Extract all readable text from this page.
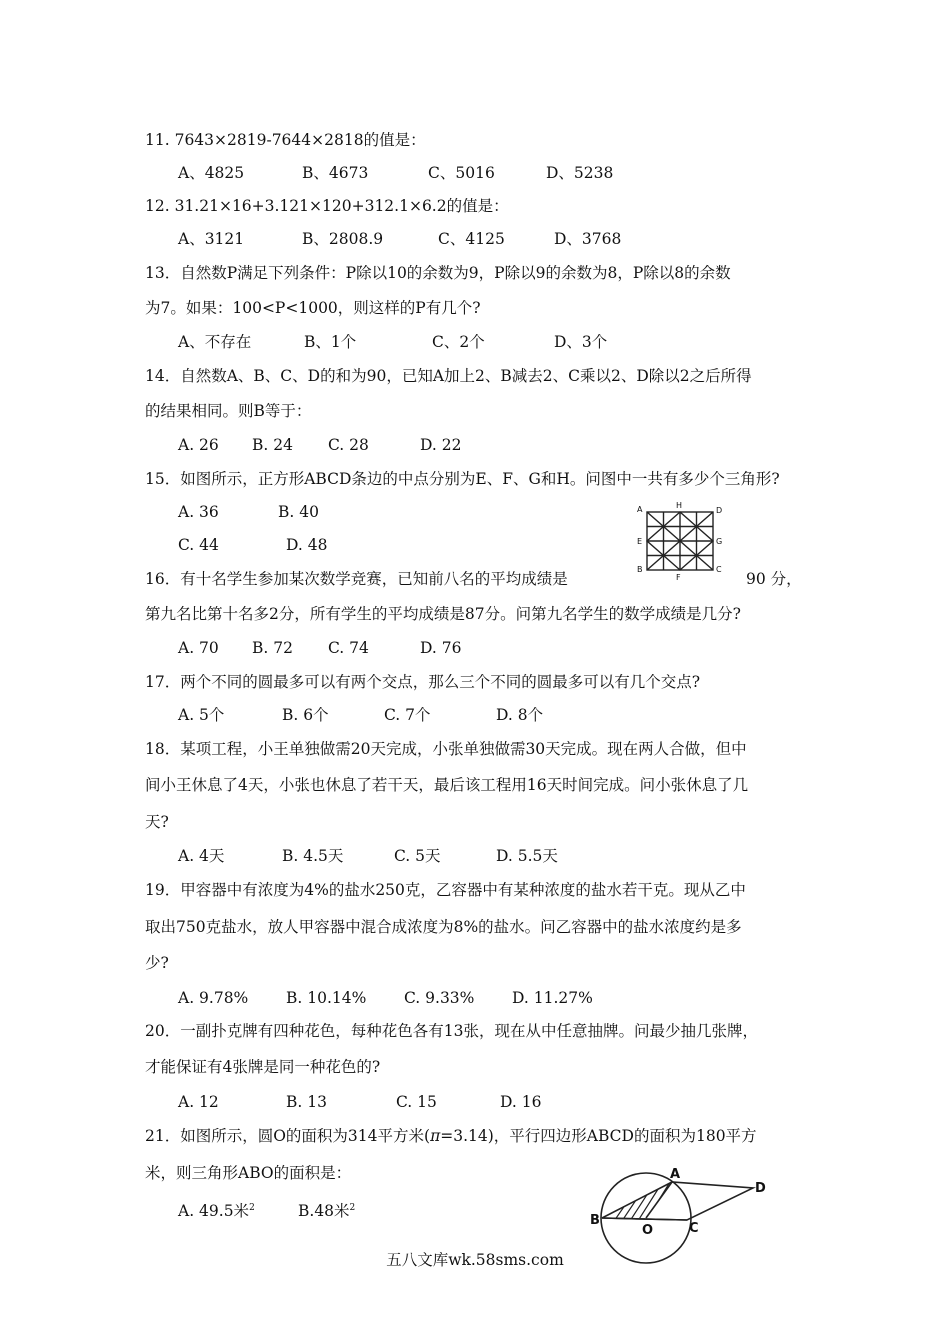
11. 7643×2819-7644×2818的值是：
A、4825	B、4673	C、5016	D、5238
12. 31.21×16+3.121×120+312.1×6.2的值是：
A、3121	B、2808.9	C、4125	D、3768
13．自然数P满足下列条件：P除以10的余数为9，P除以9的余数为8，P除以8的余数
为7。如果：100<P<1000，则这样的P有几个?
A、不存在	B、1个	C、2个	D、3个
14．自然数A、B、C、D的和为90，已知A加上2、B减去2、C乘以2、D除以2之后所得
的结果相同。则B等于：
A. 26 B. 24 C. 28	D. 22
15．如图所示，正方形ABCD条边的中点分别为E、F、G和H。问图中一共有多少个三角形?
A. 36	B. 40
C. 44	D. 48
A	H
D
E	G
B
F
C
16．有十名学生参加某次数学竞赛，已知前八名的平均成绩是	90 分，
第九名比第十名多2分，所有学生的平均成绩是87分。问第九名学生的数学成绩是几分?
A. 70 B. 72 C. 74	D. 76
17．两个不同的圆最多可以有两个交点，那么三个不同的圆最多可以有几个交点?
A. 5个	B. 6个	C. 7个	D. 8个
18．某项工程，小王单独做需20天完成，小张单独做需30天完成。现在两人合做，但中
间小王休息了4天，小张也休息了若干天，最后该工程用16天时间完成。问小张休息了几
天?
A. 4天	B. 4.5天	C. 5天	D. 5.5天
19．甲容器中有浓度为4%的盐水250克，乙容器中有某种浓度的盐水若干克。现从乙中
取出750克盐水，放人甲容器中混合成浓度为8%的盐水。问乙容器中的盐水浓度约是多
少?
A. 9.78% B. 10.14% C. 9.33% D. 11.27%
20．一副扑克牌有四种花色，每种花色各有13张，现在从中任意抽牌。问最少抽几张牌，
才能保证有4张牌是同一种花色的?
A. 12	B. 13	C. 15	D. 16
21．如图所示，圆O的面积为314平方米(π=3.14)，平行四边形ABCD的面积为180平方
米，则三角形ABO的面积是：
A. 49.5米$^2$	B.48米$^2$
A
D
B
O	C
五八文库wk.58sms.com
